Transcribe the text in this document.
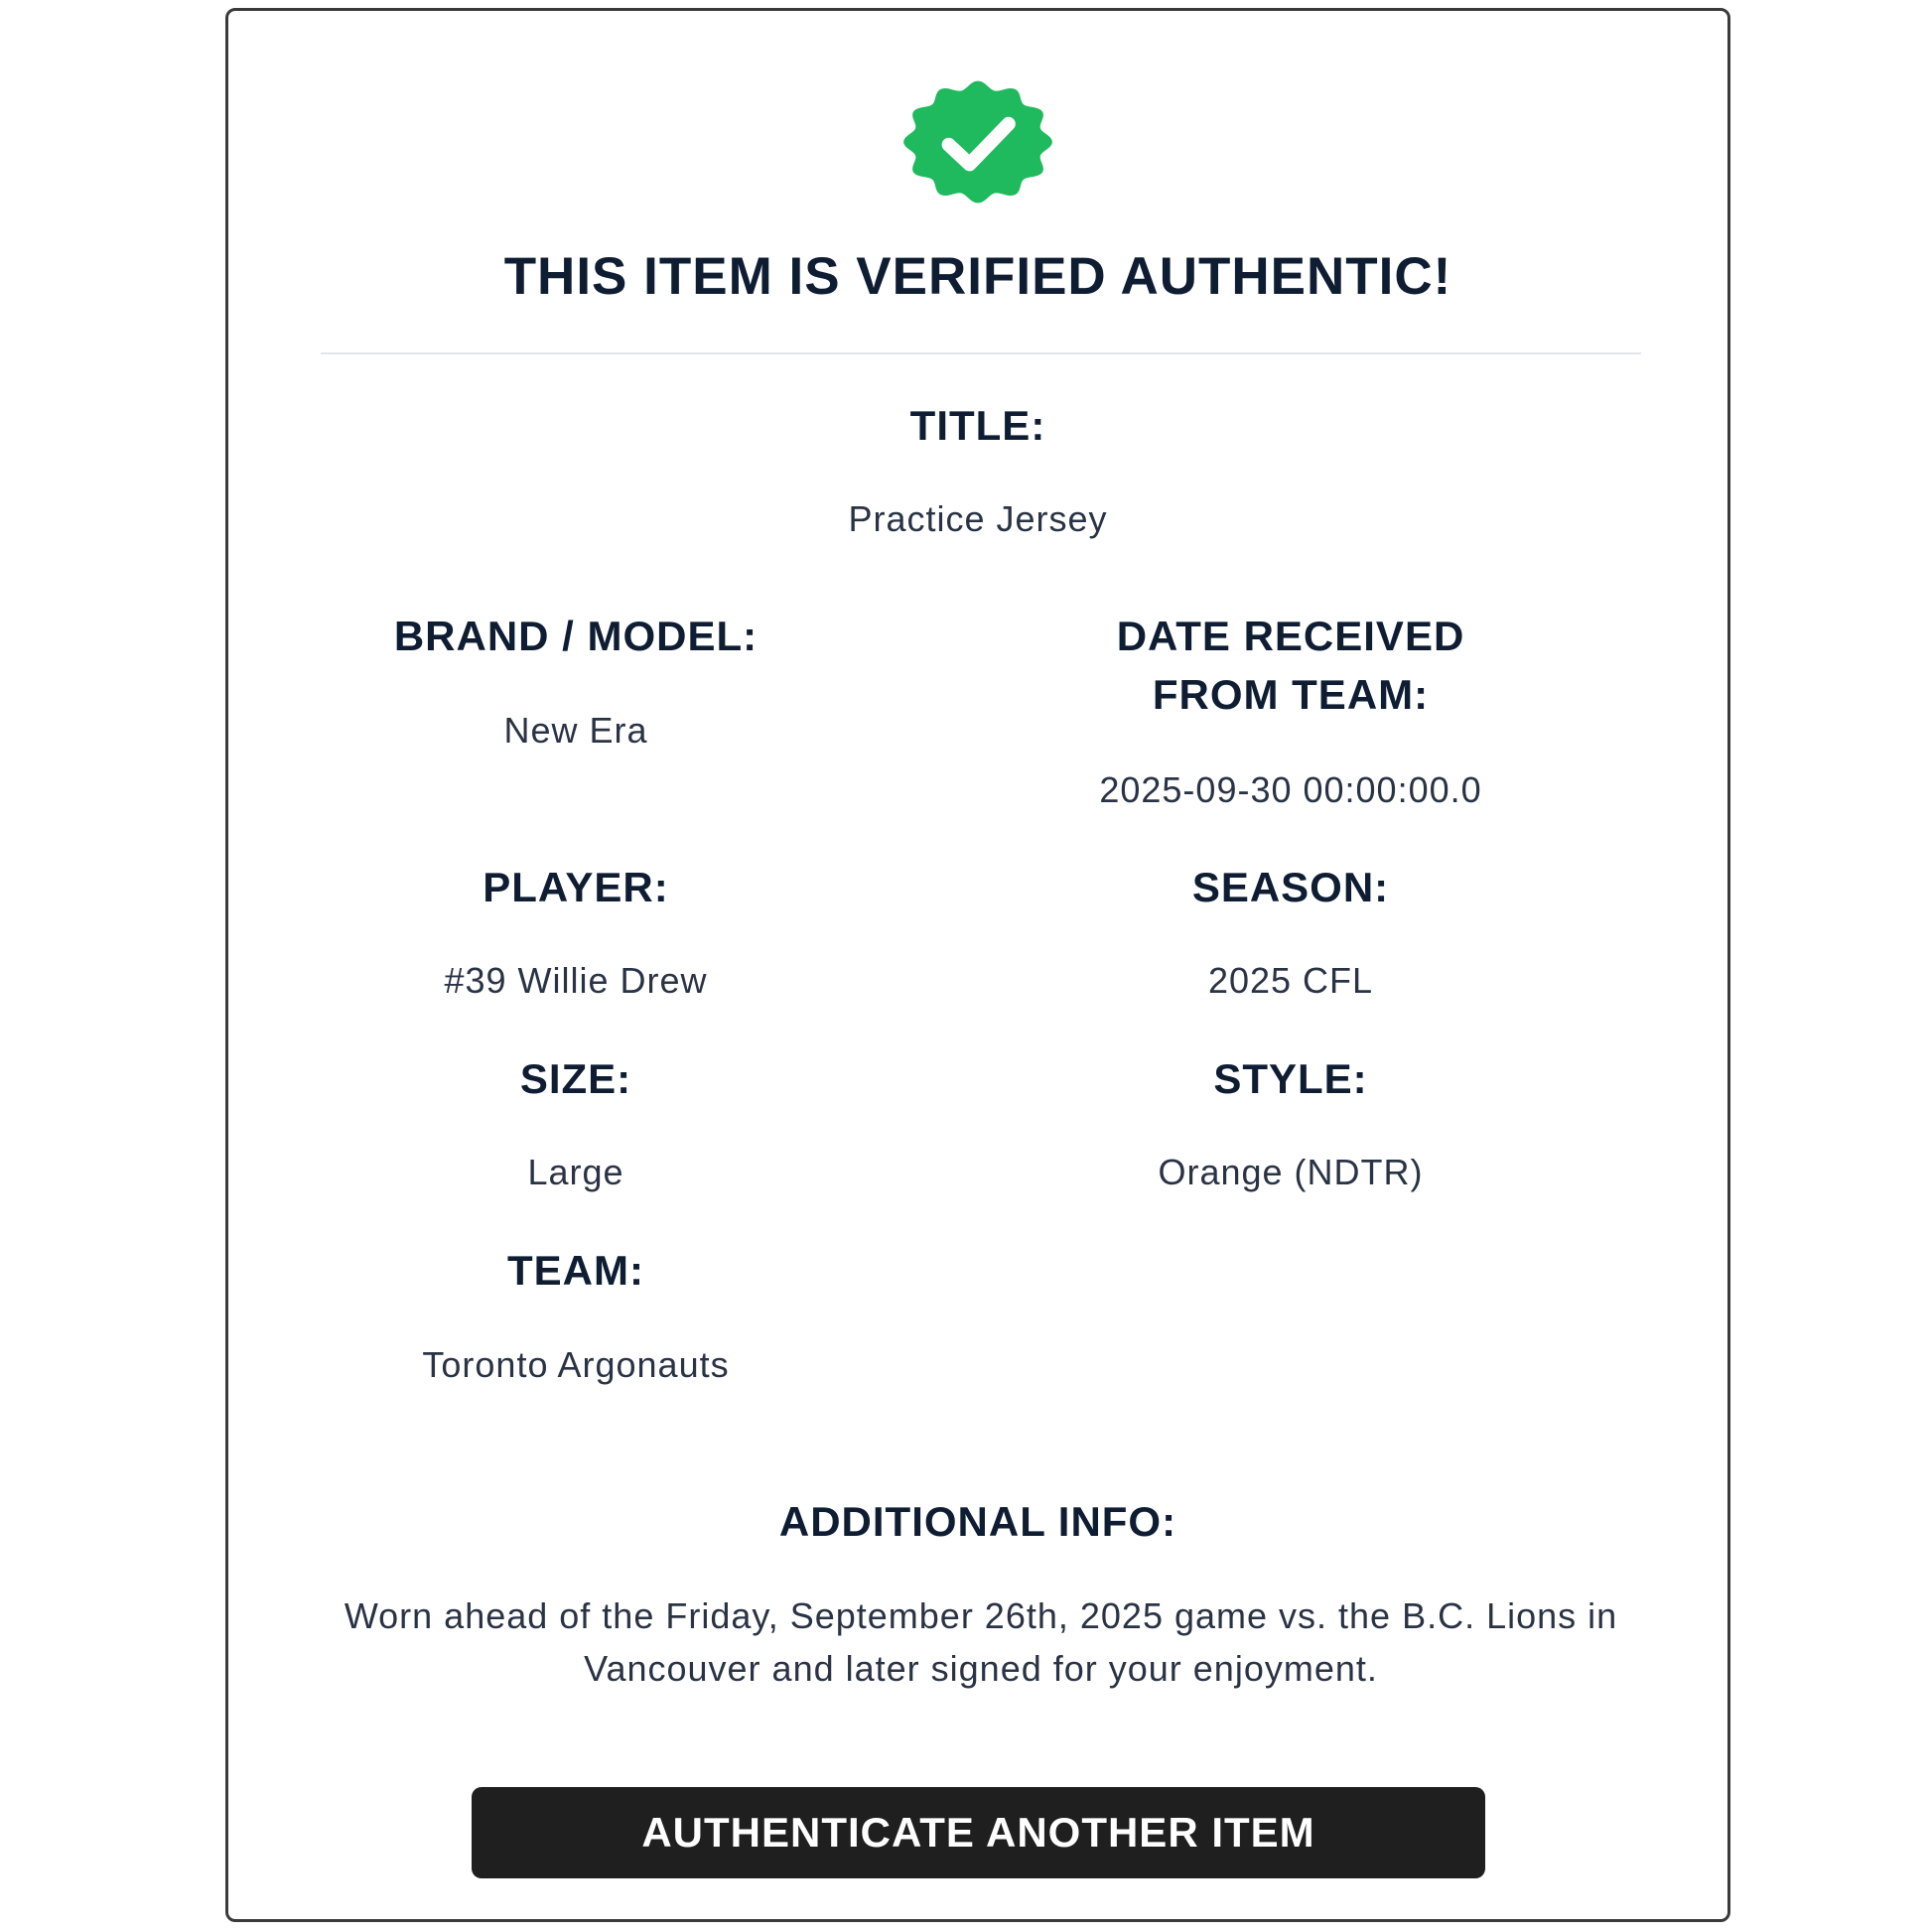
THIS ITEM IS VERIFIED AUTHENTIC!
TITLE:
Practice Jersey
BRAND / MODEL:
New Era
DATE RECEIVED
FROM TEAM:
2025-09-30 00:00:00.0
PLAYER:
#39 Willie Drew
SEASON:
2025 CFL
SIZE:
Large
STYLE:
Orange (NDTR)
TEAM:
Toronto Argonauts
ADDITIONAL INFO:

Worn ahead of the Friday, September 26th, 2025 game vs. the B.C. Lions in Vancouver and later signed for your enjoyment.

AUTHENTICATE ANOTHER ITEM
